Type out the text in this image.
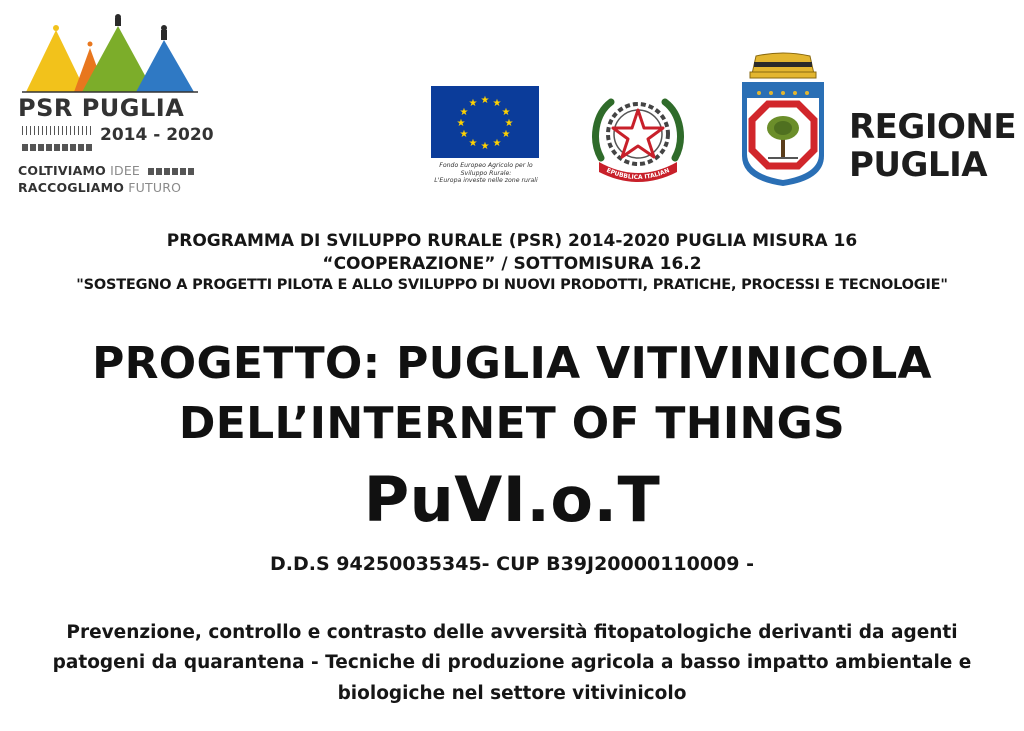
PSR PUGLIA
2014 - 2020
COLTIVIAMO IDEE
RACCOGLIAMO FUTURO
★ ★
★
★
★
★
★
★
★
★
★
★
Fondo Europeo Agricolo per lo
Sviluppo Rurale:
L'Europa investe nelle zone rurali
EPUBBLICA ITALIAN
REGIONE
PUGLIA
PROGRAMMA DI SVILUPPO RURALE (PSR) 2014-2020 PUGLIA MISURA 16
“COOPERAZIONE” / SOTTOMISURA 16.2
"SOSTEGNO A PROGETTI PILOTA E ALLO SVILUPPO DI NUOVI PRODOTTI, PRATICHE, PROCESSI E TECNOLOGIE"
PROGETTO: PUGLIA VITIVINICOLA
DELL’INTERNET OF THINGS
PuVI.o.T
D.D.S 94250035345- CUP B39J20000110009 -
Prevenzione, controllo e contrasto delle avversità fitopatologiche derivanti da agenti
patogeni da quarantena - Tecniche di produzione agricola a basso impatto ambientale e
biologiche nel settore vitivinicolo
